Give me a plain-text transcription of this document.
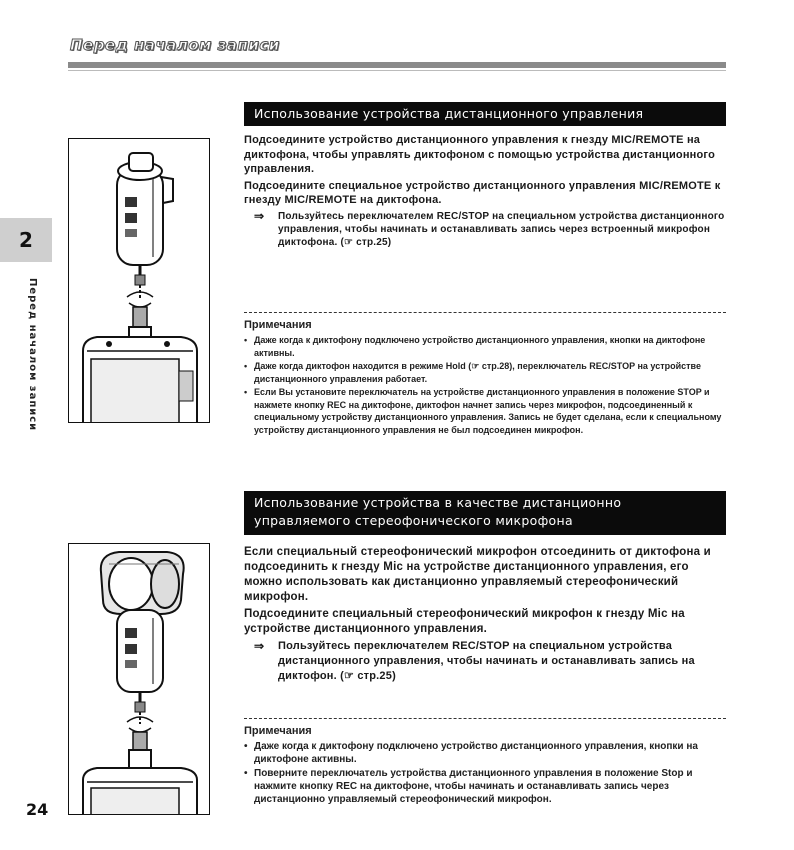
Перед началом записи
2
Перед началом записи
24
Использование устройства дистанционного управления

Подсоедините устройство дистанционного управления к гнезду MIC/REMOTE на диктофона, чтобы управлять диктофоном с помощью устройства дистанционного управления.

Подсоедините специальное устройство дистанционного управления MIC/REMOTE к гнезду MIC/REMOTE на диктофона.

⇒	Пользуйтесь переключателем REC/STOP на специальном устройства дистанционного управления, чтобы начинать и останавливать запись через встроенный микрофон диктофона. (☞ стр.25)
Примечания
• Даже когда к диктофону подключено устройство дистанционного управления, кнопки на диктофоне активны.
• Даже когда диктофон находится в режиме Hold (☞ стр.28), переключатель REC/STOP на устройстве дистанционного управления работает.
• Если Вы установите переключатель на устройстве дистанционного управления в положение STOP и нажмете кнопку REC на диктофоне, диктофон начнет запись через микрофон, подсоединенный к специальному устройству дистанционного управления. Запись не будет сделана, если к специальному устройству дистанционного управления не был подсоединен микрофон.
Использование устройства в качестве дистанционно
управляемого стереофонического микрофона

Если специальный стереофонический микрофон отсоединить от диктофона и подсоединить к гнезду Mic на устройстве дистанционного управления, его можно использовать как дистанционно управляемый стереофонический микрофон.

Подсоедините специальный стереофонический микрофон к гнезду Mic на устройстве дистанционного управления.

⇒	Пользуйтесь переключателем REC/STOP на специальном устройства дистанционного управления, чтобы начинать и останавливать запись на диктофон. (☞ стр.25)
Примечания
• Даже когда к диктофону подключено устройство дистанционного управления, кнопки на диктофоне активны.
• Поверните переключатель устройства дистанционного управления в положение Stop и нажмите кнопку REC на диктофоне, чтобы начинать и останавливать запись через дистанционно управляемый стереофонический микрофон.
